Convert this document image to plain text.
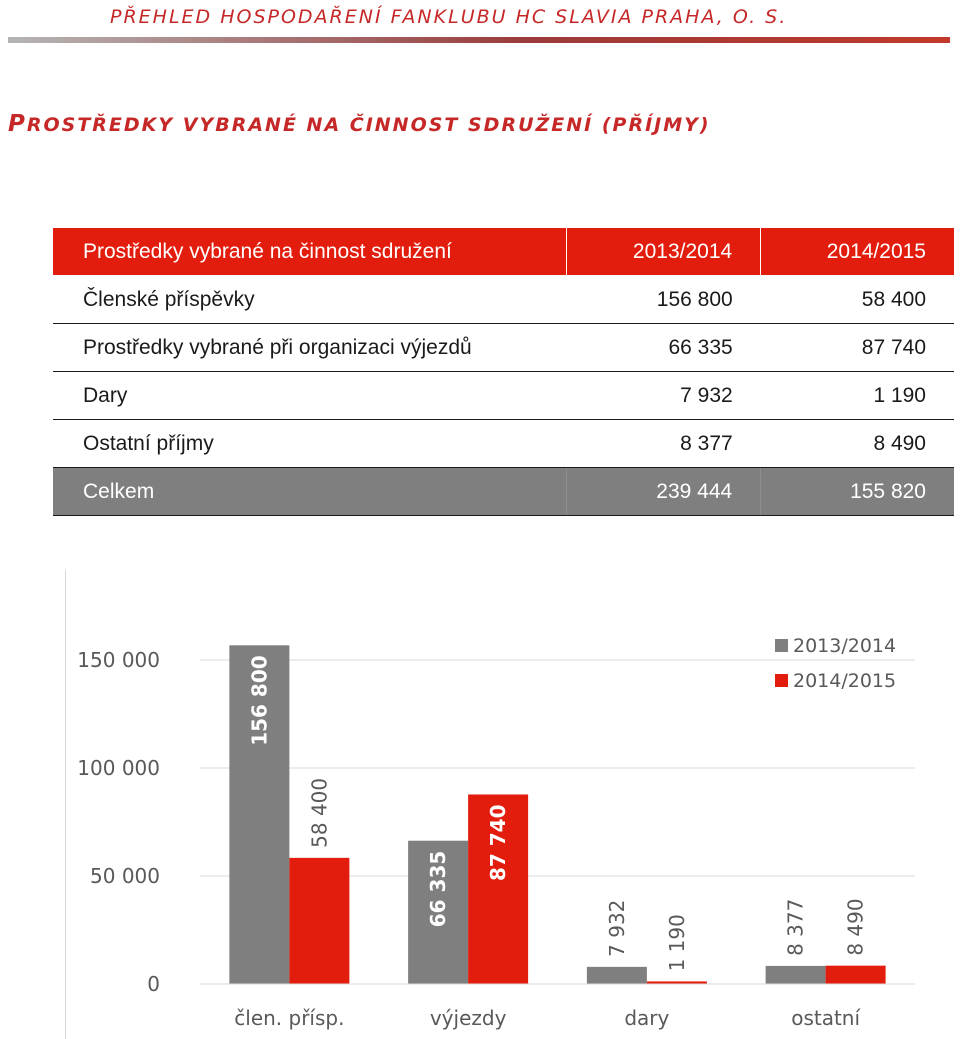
PŘEHLED HOSPODAŘENÍ FANKLUBU HC SLAVIA PRAHA, O. S.
PROSTŘEDKY VYBRANÉ NA ČINNOST SDRUŽENÍ (PŘÍJMY)
Prostředky vybrané na činnost sdružení	2013/2014	2014/2015
Členské příspěvky	156 800	58 400
Prostředky vybrané při organizaci výjezdů	66 335	87 740
Dary	7 932	1 190
Ostatní příjmy	8 377	8 490
Celkem	239 444	155 820
0
50 000
100 000
150 000	156 800
58 400
člen. přísp.
66 335
87 740
výjezdy
7 932 1 190
dary
8 377 8 490
ostatní
2013/2014
2014/2015
